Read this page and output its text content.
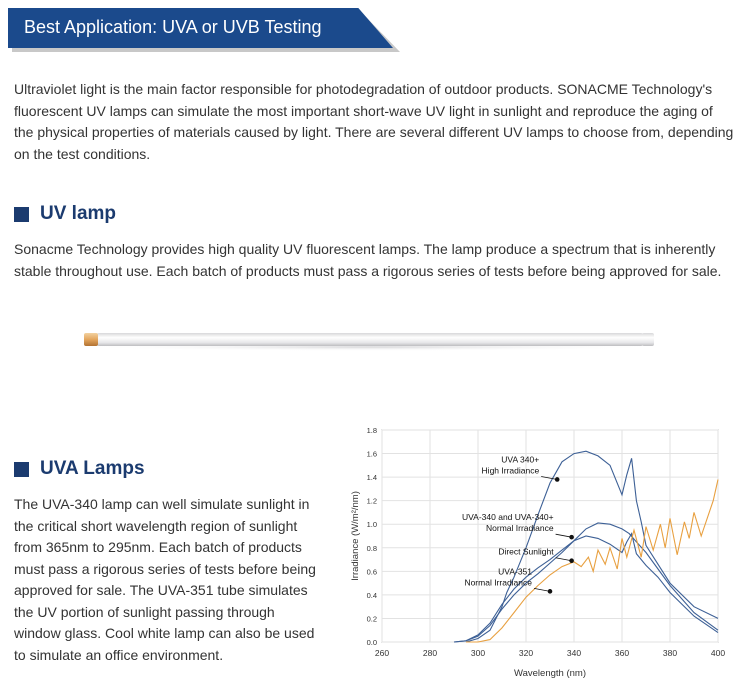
Best Application: UVA or UVB Testing

Ultraviolet light is the main factor responsible for photodegradation of outdoor products. SONACME Technology's fluorescent UV lamps can simulate the most important short-wave UV light in sunlight and reproduce the aging of the physical properties of materials caused by light. There are several different UV lamps to choose from, depending on the test conditions.

UV lamp

Sonacme Technology provides high quality UV fluorescent lamps. The lamp produce a spectrum that is inherently stable throughout use. Each batch of products must pass a rigorous series of tests before being approved for sale.

UVA Lamps

The UVA-340 lamp can well simulate sunlight in the critical short wavelength region of sunlight from 365nm to 295nm. Each batch of products must pass a rigorous series of tests before being approved for sale. The UVA-351 tube simulates the UV portion of sunlight passing through window glass. Cool white lamp can also be used to simulate an office environment.	260	280	300	320	340	360	380	400
0.0
0.2
0.4
0.6
0.8
1.0
1.2
1.4
1.6
1.8
Wavelength (nm)
Irradiance (W/m²/nm)
UVA 340+
High Irradiance
UVA-340 and UVA-340+
Normal Irradiance
Direct Sunlight
UVA-351
Normal Irradiance
